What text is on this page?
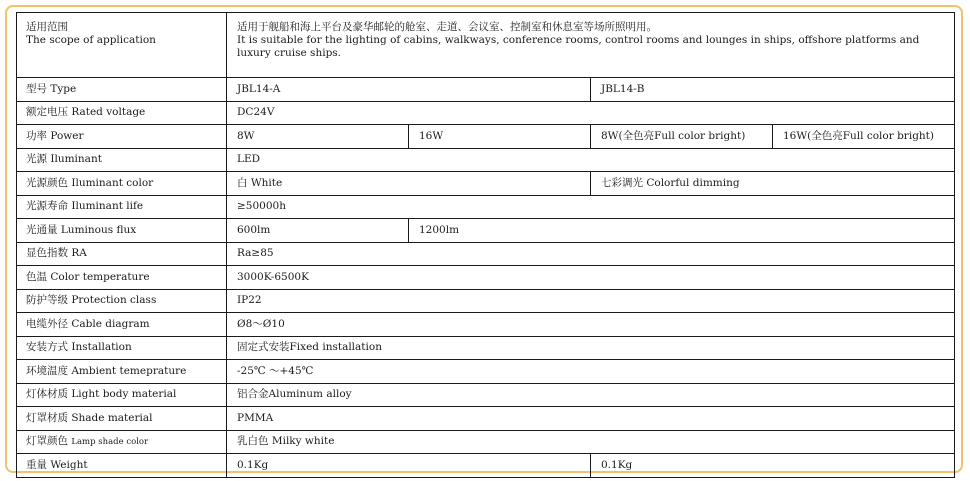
适用范围
The scope of application	适用于舰船和海上平台及豪华邮轮的舱室、走道、会议室、控制室和休息室等场所照明用。
It is suitable for the lighting of cabins, walkways, conference rooms, control rooms and lounges in ships, offshore platforms and luxury cruise ships.			

型号 Type	JBL14-A		JBL14-B	
额定电压 Rated voltage	DC24V			
功率 Power	8W	16W	8W(全色亮Full color bright)	16W(全色亮Full color bright)
光源 Iluminant	LED			
光源颜色 Iluminant color	白 White		七彩调光 Colorful dimming	
光源寿命 Iluminant life	≥50000h			
光通量 Luminous flux	600lm	1200lm		
显色指数 RA	Ra≥85			
色温 Color temperature	3000K-6500K			
防护等级 Protection class	IP22			
电缆外径 Cable diagram	Ø8～Ø10			
安装方式 Installation	固定式安装Fixed installation			
环境温度 Ambient temeprature	-25℃ ～+45℃			
灯体材质 Light body material	铝合金Aluminum alloy			
灯罩材质 Shade material	PMMA			
灯罩颜色 Lamp shade color	乳白色 Milky white			
重量 Weight	0.1Kg		0.1Kg	
